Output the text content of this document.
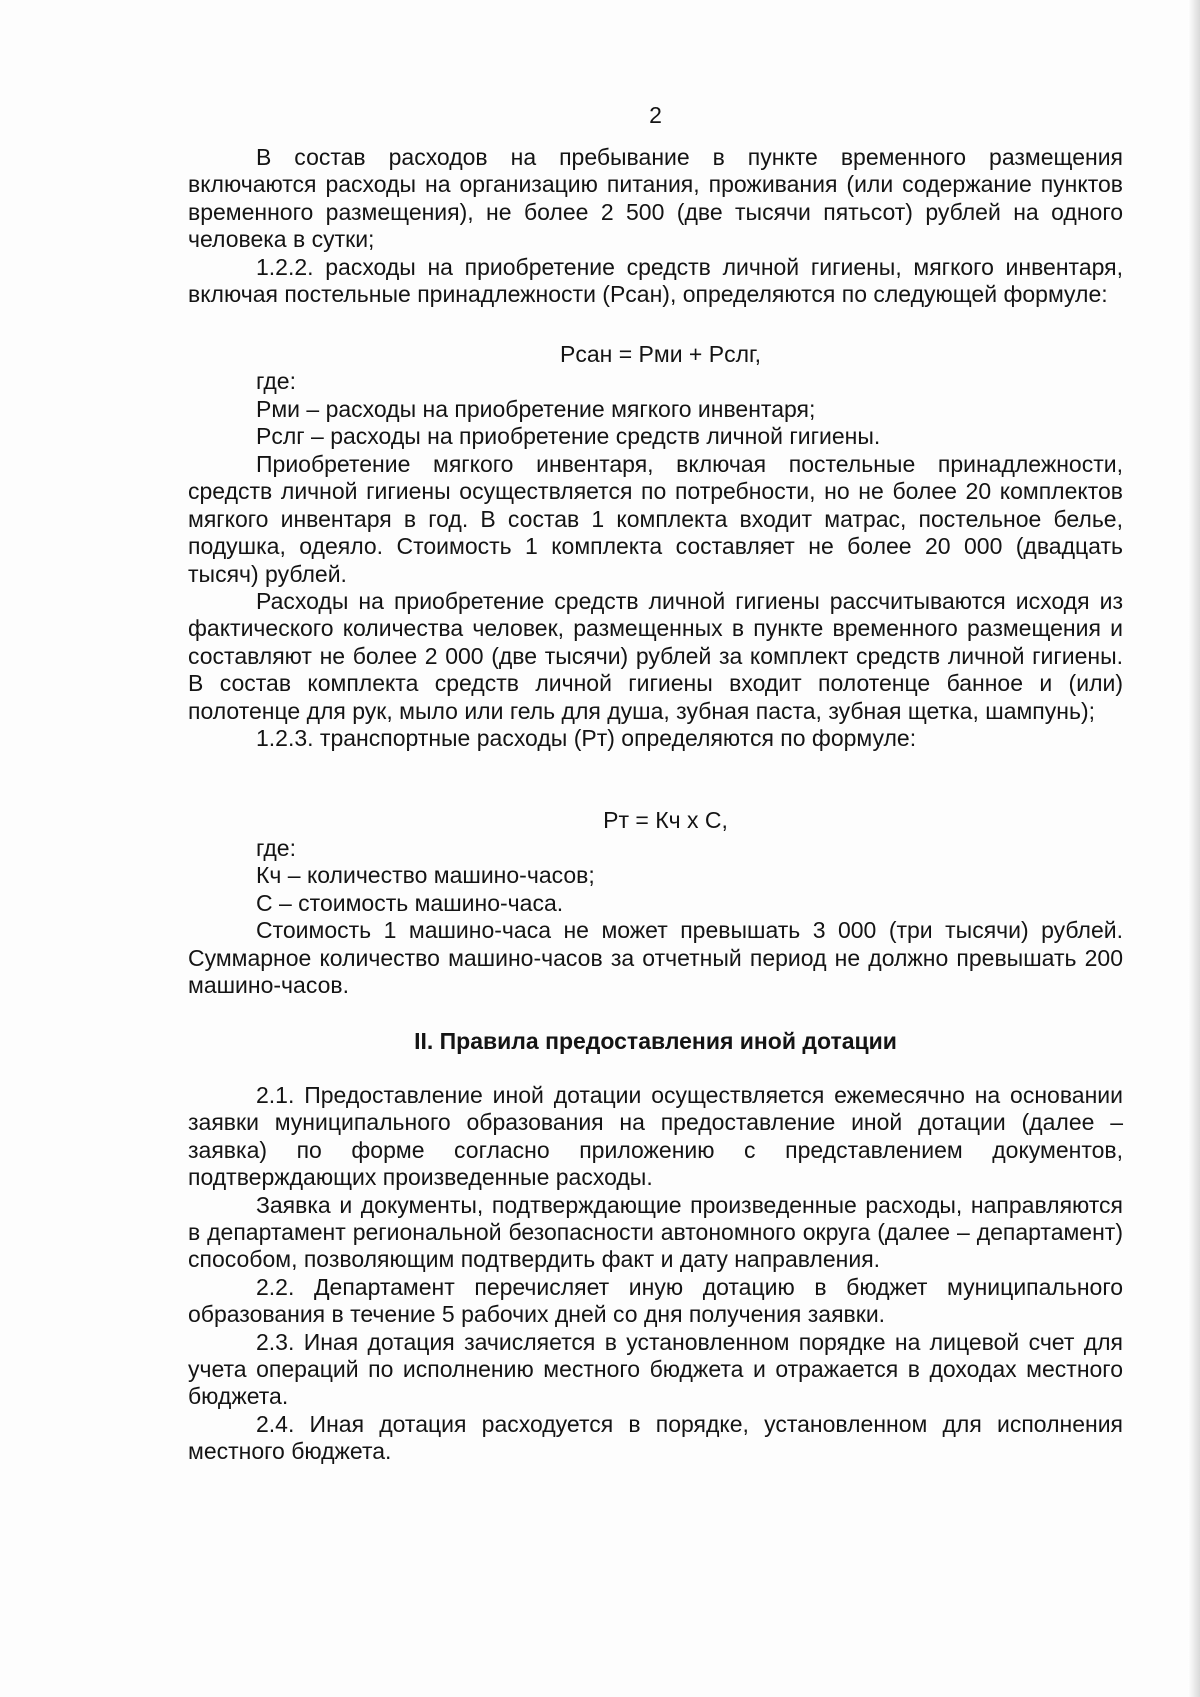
2

В состав расходов на пребывание в пункте временного размещения включаются расходы на организацию питания, проживания (или содержание пунктов временного размещения), не более 2 500 (две тысячи пятьсот) рублей на одного человека в сутки;

1.2.2. расходы на приобретение средств личной гигиены, мягкого инвентаря, включая постельные принадлежности (Рсан), определяются по следующей формуле:

Рсан = Рми + Рслг,

где:

Рми – расходы на приобретение мягкого инвентаря;

Рслг – расходы на приобретение средств личной гигиены.

Приобретение мягкого инвентаря, включая постельные принадлежности, средств личной гигиены осуществляется по потребности, но не более 20 комплектов мягкого инвентаря в год. В состав 1 комплекта входит матрас, постельное белье, подушка, одеяло. Стоимость 1 комплекта составляет не более 20 000 (двадцать тысяч) рублей.

Расходы на приобретение средств личной гигиены рассчитываются исходя из фактического количества человек, размещенных в пункте временного размещения и составляют не более 2 000 (две тысячи) рублей за комплект средств личной гигиены. В состав комплекта средств личной гигиены входит полотенце банное и (или) полотенце для рук, мыло или гель для душа, зубная паста, зубная щетка, шампунь);

1.2.3. транспортные расходы (Рт) определяются по формуле:

Рт = Кч х С,

где:

Кч – количество машино-часов;

С – стоимость машино-часа.

Стоимость 1 машино-часа не может превышать 3 000 (три тысячи) рублей. Суммарное количество машино-часов за отчетный период не должно превышать 200 машино-часов.

II. Правила предоставления иной дотации

2.1. Предоставление иной дотации осуществляется ежемесячно на основании заявки муниципального образования на предоставление иной дотации (далее – заявка) по форме согласно приложению с представлением документов, подтверждающих произведенные расходы.

Заявка и документы, подтверждающие произведенные расходы, направляются в департамент региональной безопасности автономного округа (далее – департамент) способом, позволяющим подтвердить факт и дату направления.

2.2. Департамент перечисляет иную дотацию в бюджет муниципального образования в течение 5 рабочих дней со дня получения заявки.

2.3. Иная дотация зачисляется в установленном порядке на лицевой счет для учета операций по исполнению местного бюджета и отражается в доходах местного бюджета.

2.4. Иная дотация расходуется в порядке, установленном для исполнения местного бюджета.
